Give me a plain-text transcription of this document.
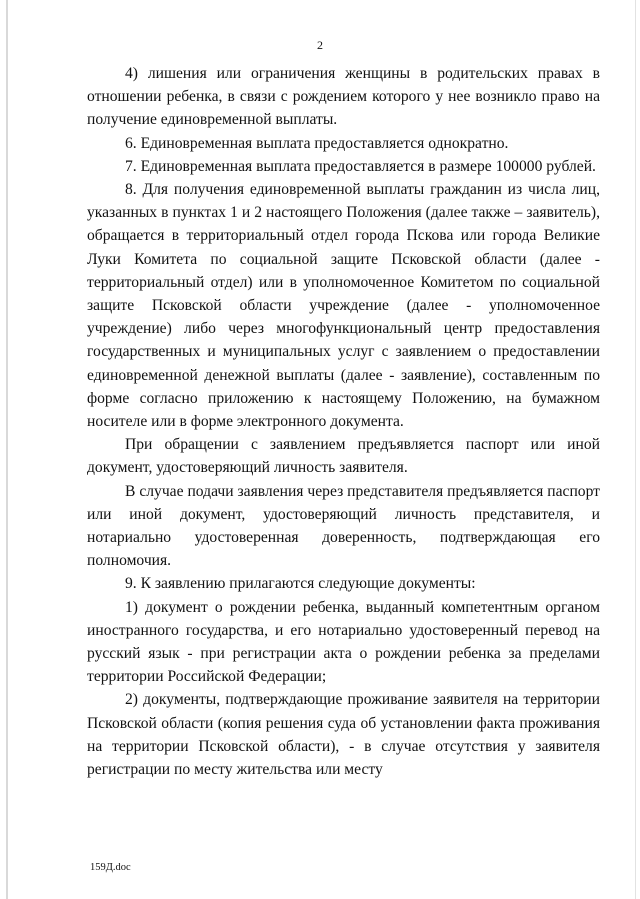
2

4) лишения или ограничения женщины в родительских правах в отношении ребенка, в связи с рождением которого у нее возникло право на получение единовременной выплаты.

6. Единовременная выплата предоставляется однократно.

7. Единовременная выплата предоставляется в размере 100000 рублей.

8. Для получения единовременной выплаты гражданин из числа лиц, указанных в пунктах 1 и 2 настоящего Положения (далее также – заявитель), обращается в территориальный отдел города Пскова или города Великие Луки Комитета по социальной защите Псковской области (далее - территориальный отдел) или в уполномоченное Комитетом по социальной защите Псковской области учреждение (далее - уполномоченное учреждение) либо через многофункциональный центр предоставления государственных и муниципальных услуг с заявлением о предоставлении единовременной денежной выплаты (далее - заявление), составленным по форме согласно приложению к настоящему Положению, на бумажном носителе или в форме электронного документа.

При обращении с заявлением предъявляется паспорт или иной документ, удостоверяющий личность заявителя.

В случае подачи заявления через представителя предъявляется паспорт или иной документ, удостоверяющий личность представителя, и нотариально удостоверенная доверенность, подтверждающая его полномочия.

9. К заявлению прилагаются следующие документы:

1) документ о рождении ребенка, выданный компетентным органом иностранного государства, и его нотариально удостоверенный перевод на русский язык - при регистрации акта о рождении ребенка за пределами территории Российской Федерации;

2) документы, подтверждающие проживание заявителя на территории Псковской области (копия решения суда об установлении факта проживания на территории Псковской области), - в случае отсутствия у заявителя регистрации по месту жительства или месту

159Д.doc
